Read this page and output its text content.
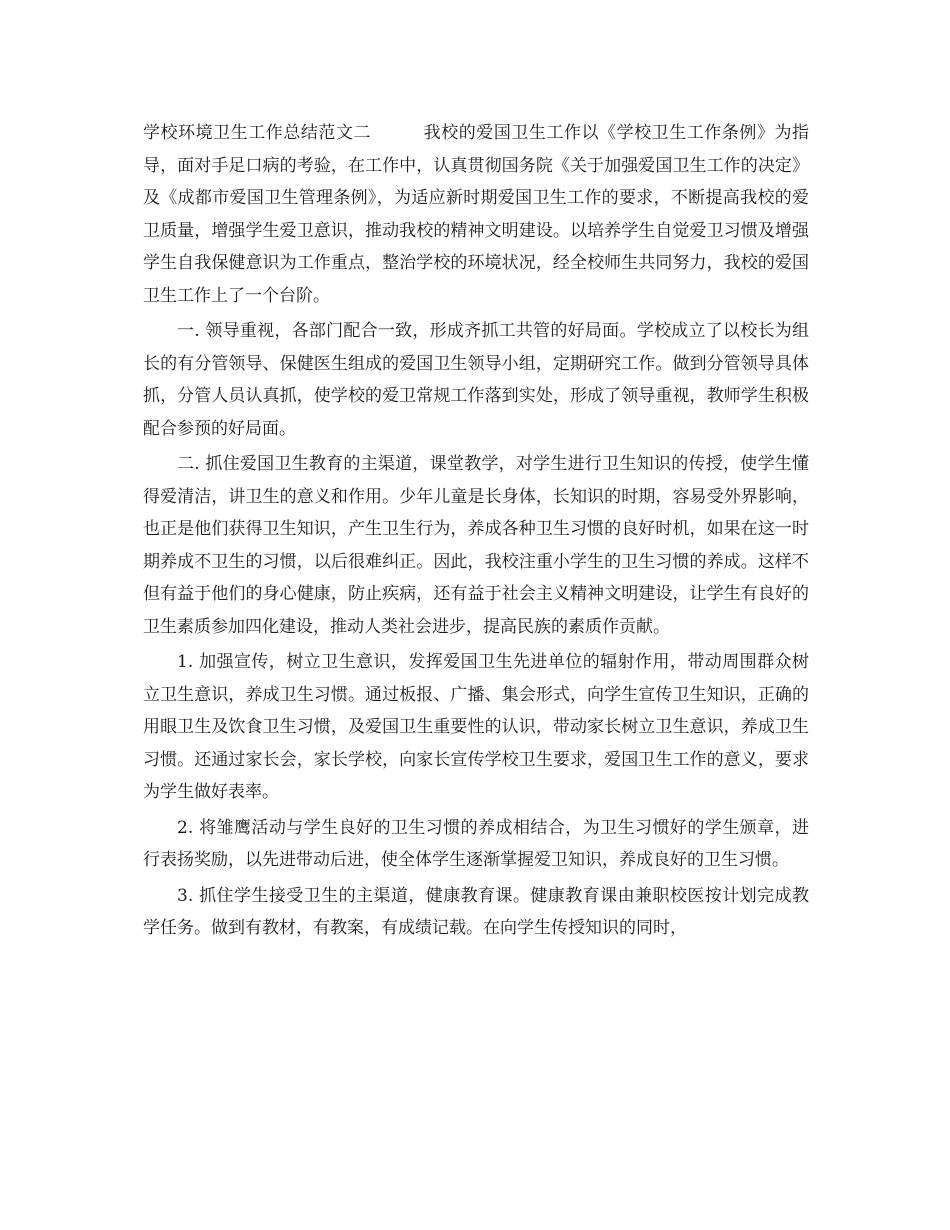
学校环境卫生工作总结范文二　　　	我校的爱国卫生工作以《学校卫生工作条例》为指导，面对手足口病的考验，在工作中，认真贯彻国务院《关于加强爱国卫生工作的决定》及《成都市爱国卫生管理条例》，为适应新时期爱国卫生工作的要求，不断提高我校的爱卫质量，增强学生爱卫意识，推动我校的精神文明建设。以培养学生自觉爱卫习惯及增强学生自我保健意识为工作重点，整治学校的环境状况，经全校师生共同努力，我校的爱国卫生工作上了一个台阶。

一. 领导重视，各部门配合一致，形成齐抓工共管的好局面。学校成立了以校长为组长的有分管领导、保健医生组成的爱国卫生领导小组，定期研究工作。做到分管领导具体抓，分管人员认真抓，使学校的爱卫常规工作落到实处，形成了领导重视，教师学生积极配合参预的好局面。

二. 抓住爱国卫生教育的主渠道，课堂教学，对学生进行卫生知识的传授，使学生懂得爱清洁，讲卫生的意义和作用。少年儿童是长身体，长知识的时期，容易受外界影响，也正是他们获得卫生知识，产生卫生行为，养成各种卫生习惯的良好时机，如果在这一时期养成不卫生的习惯，以后很难纠正。因此，我校注重小学生的卫生习惯的养成。这样不但有益于他们的身心健康，防止疾病，还有益于社会主义精神文明建设，让学生有良好的卫生素质参加四化建设，推动人类社会进步，提高民族的素质作贡献。

1. 加强宣传，树立卫生意识，发挥爱国卫生先进单位的辐射作用，带动周围群众树立卫生意识，养成卫生习惯。通过板报、广播、集会形式，向学生宣传卫生知识，正确的用眼卫生及饮食卫生习惯，及爱国卫生重要性的认识，带动家长树立卫生意识，养成卫生习惯。还通过家长会，家长学校，向家长宣传学校卫生要求，爱国卫生工作的意义，要求为学生做好表率。

2. 将雏鹰活动与学生良好的卫生习惯的养成相结合，为卫生习惯好的学生颁章，进行表扬奖励，以先进带动后进，使全体学生逐渐掌握爱卫知识，养成良好的卫生习惯。

3. 抓住学生接受卫生的主渠道，健康教育课。健康教育课由兼职校医按计划完成教学任务。做到有教材，有教案，有成绩记载。在向学生传授知识的同时，
